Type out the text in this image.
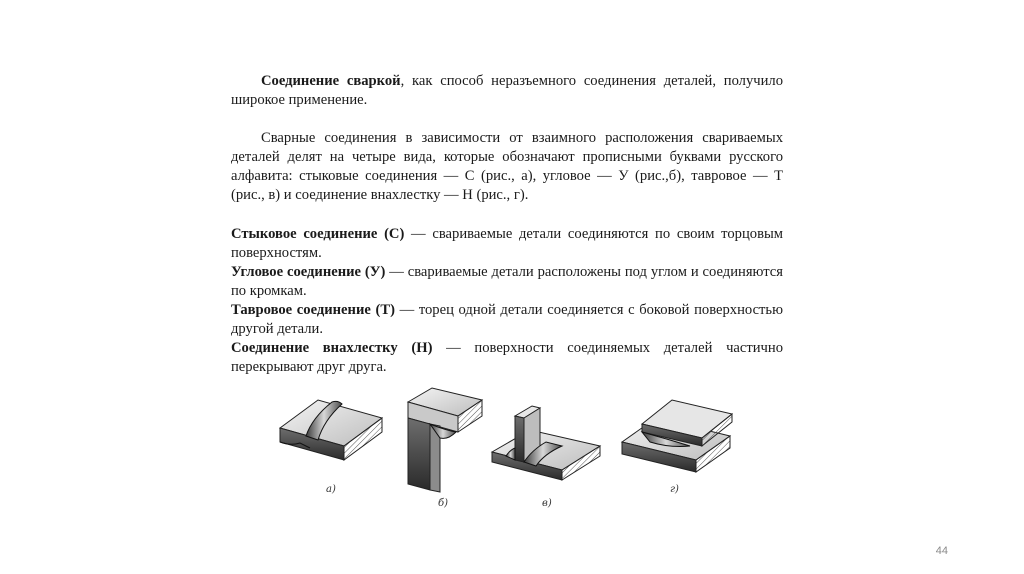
Соединение сваркой, как способ неразъемного соединения деталей, получило широкое применение.

Сварные соединения в зависимости от взаимного расположения свариваемых деталей делят на четыре вида, которые обозначают прописными буквами русского алфавита: стыковые соединения — С (рис., а), угловое — У (рис.,б), тавровое — Т (рис., в) и соединение внахлестку — Н (рис., г).

Стыковое соединение (С) — свариваемые детали соединяются по своим торцовым поверхностям.

Угловое соединение (У) — свариваемые детали расположены под углом и соединяются по кромкам.

Тавровое соединение (Т) — торец одной детали соединяется с боковой поверхностью другой детали.

Соединение внахлестку (Н) — поверхности соединяемых деталей частично перекрывают друг друга.

а)
б)	в)
г)
44
